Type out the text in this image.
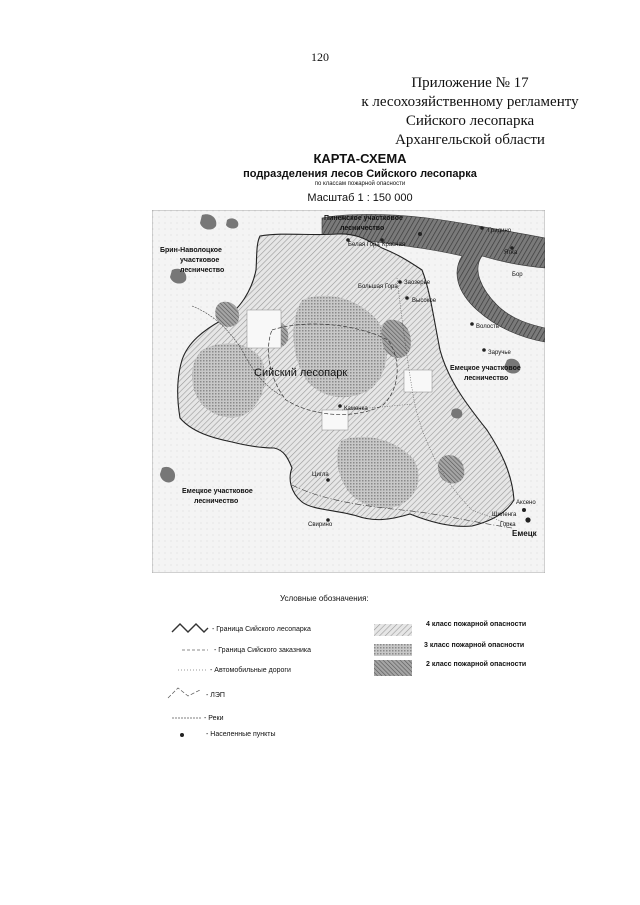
120
Приложение № 17
к лесохозяйственному регламенту
Сийского лесопарка
Архангельской области
КАРТА-СХЕМА
подразделения лесов Сийского лесопарка
по классам пожарной опасности
Масштаб 1 : 150 000
Пинежское участковое
лесничество
Брин-Наволоцкое
участковое
лесничество
Сийский лесопарк	Емецкое участковое
лесничество
Емецкое участковое
лесничество
Емецк
Белая Гора Красная
Заозерье
Большая Гора
Высокое
Волость
Заручье
Аксено
Цигла
Свирино
Шиленга
Горка
Гридино
Ятка
Каменка
Бор
Условные обозначения:
- Граница Сийского лесопарка
- Граница Сийского заказника
- Автомобильные дороги
- ЛЭП
- Реки
- Населенные пункты
4 класс пожарной опасности
3 класс пожарной опасности
2 класс пожарной опасности
